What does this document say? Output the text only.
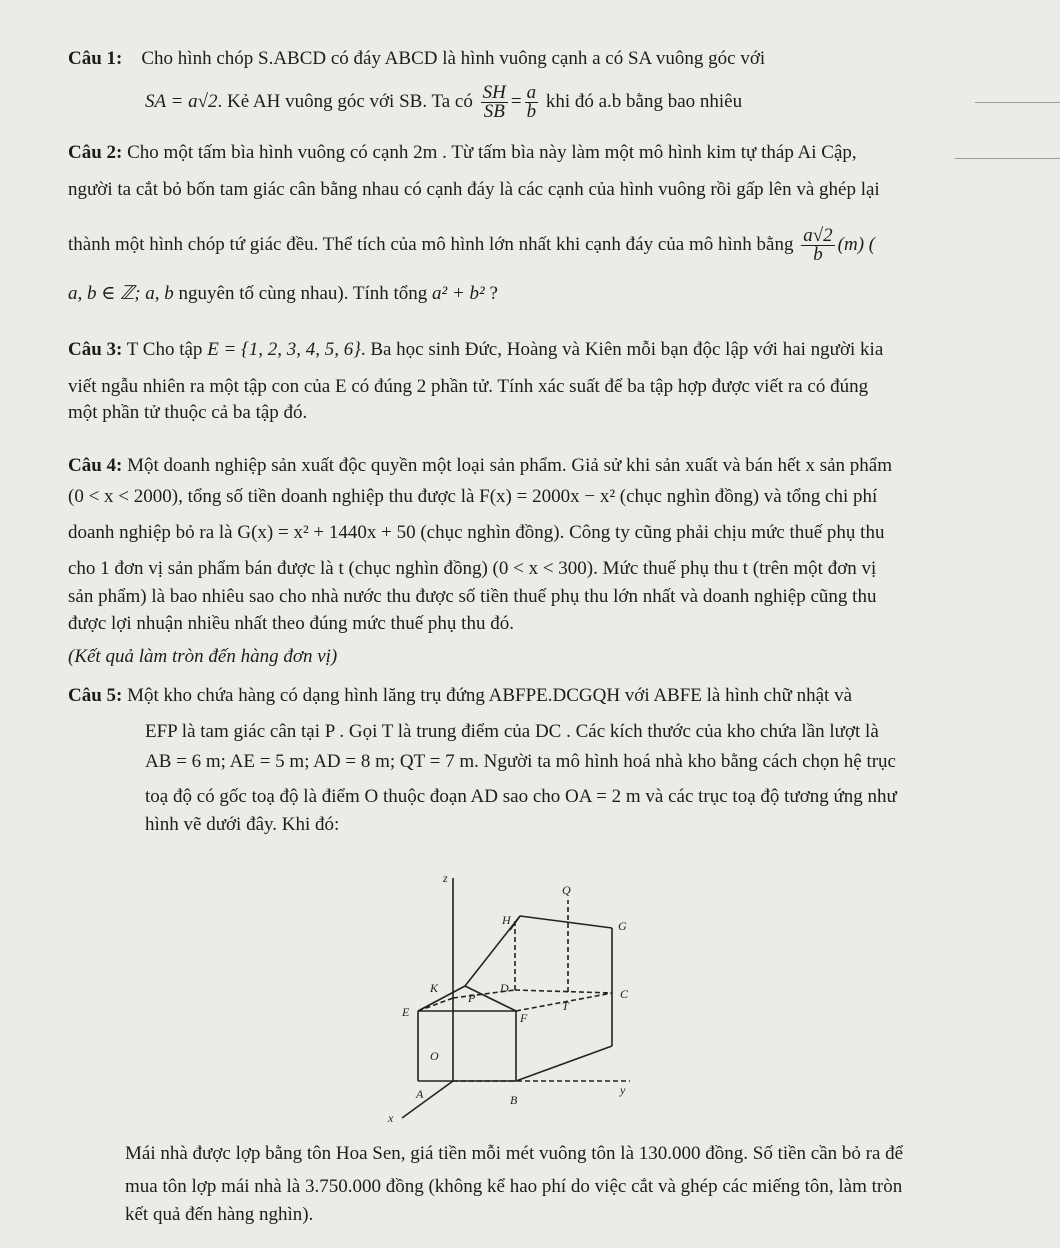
Câu 1: Cho hình chóp S.ABCD có đáy ABCD là hình vuông cạnh a có SA vuông góc với
SA = a√2. Kẻ AH vuông góc với SB. Ta có $\frac{SH}{SB} = \frac{a}{b}$ khi đó a.b bằng bao nhiêu
Câu 2: Cho một tấm bìa hình vuông có cạnh 2m . Từ tấm bìa này làm một mô hình kim tự tháp Ai Cập,
người ta cắt bỏ bốn tam giác cân bằng nhau có cạnh đáy là các cạnh của hình vuông rồi gấp lên và ghép lại
thành một hình chóp tứ giác đều. Thể tích của mô hình lớn nhất khi cạnh đáy của mô hình bằng $\frac{a√2}{b} (m)$ (
a, b ∈ ℤ; a, b nguyên tố cùng nhau). Tính tổng a² + b² ?
Câu 3: T Cho tập E = {1, 2, 3, 4, 5, 6}. Ba học sinh Đức, Hoàng và Kiên mỗi bạn độc lập với hai người kia
viết ngẫu nhiên ra một tập con của E có đúng 2 phần tử. Tính xác suất để ba tập hợp được viết ra có đúng
một phần tử thuộc cả ba tập đó.
Câu 4: Một doanh nghiệp sản xuất độc quyền một loại sản phẩm. Giả sử khi sản xuất và bán hết x sản phẩm
(0 < x < 2000), tổng số tiền doanh nghiệp thu được là F(x) = 2000x − x² (chục nghìn đồng) và tổng chi phí
doanh nghiệp bỏ ra là G(x) = x² + 1440x + 50 (chục nghìn đồng). Công ty cũng phải chịu mức thuế phụ thu
cho 1 đơn vị sản phẩm bán được là t (chục nghìn đồng) (0 < x < 300). Mức thuế phụ thu t (trên một đơn vị
sản phẩm) là bao nhiêu sao cho nhà nước thu được số tiền thuế phụ thu lớn nhất và doanh nghiệp cũng thu
được lợi nhuận nhiều nhất theo đúng mức thuế phụ thu đó.
(Kết quả làm tròn đến hàng đơn vị)
Câu 5: Một kho chứa hàng có dạng hình lăng trụ đứng ABFPE.DCGQH với ABFE là hình chữ nhật và
EFP là tam giác cân tại P . Gọi T là trung điểm của DC . Các kích thước của kho chứa lần lượt là
AB = 6 m; AE = 5 m; AD = 8 m; QT = 7 m. Người ta mô hình hoá nhà kho bằng cách chọn hệ trục
toạ độ có gốc toạ độ là điểm O thuộc đoạn AD sao cho OA = 2 m và các trục toạ độ tương ứng như
hình vẽ dưới đây. Khi đó:
z
y
x
Q
H	G
K	D	C
P
T
E	F
O
A	B
Mái nhà được lợp bằng tôn Hoa Sen, giá tiền mỗi mét vuông tôn là 130.000 đồng. Số tiền cần bỏ ra để
mua tôn lợp mái nhà là 3.750.000 đồng (không kể hao phí do việc cắt và ghép các miếng tôn, làm tròn
kết quả đến hàng nghìn).
